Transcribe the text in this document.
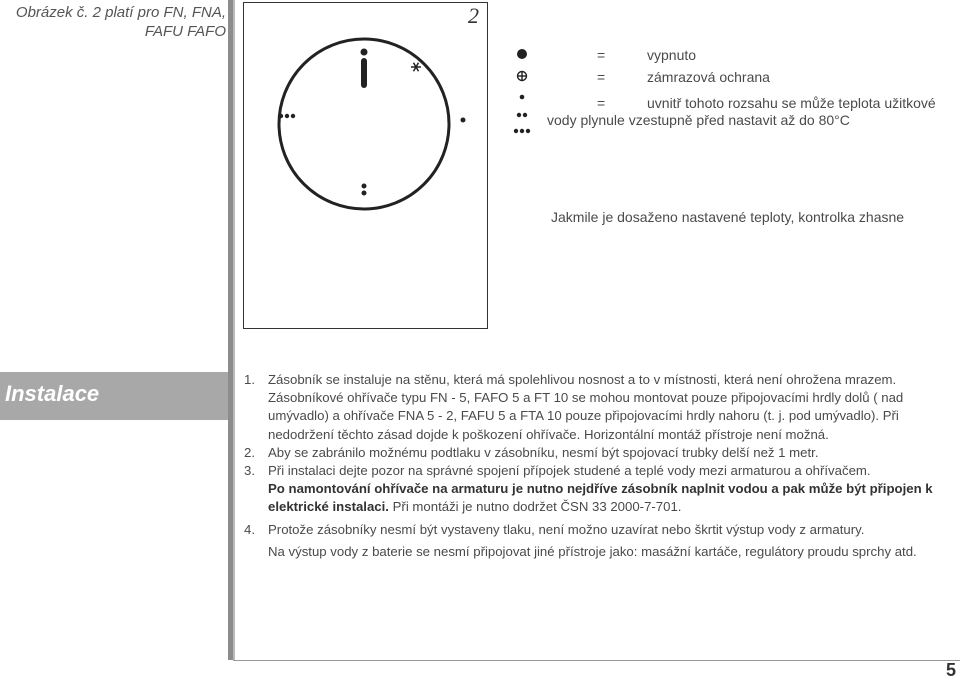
Obrázek č. 2 platí pro FN, FNA,
FAFU FAFO
2
=	vypnuto
=	zámrazová ochrana
=	uvnitř tohoto rozsahu se může teplota užitkové
vody plynule vzestupně před nastavit až do 80°C
Jakmile je dosaženo nastavené teploty, kontrolka zhasne
Instalace
1. Zásobník se instaluje na stěnu, která má spolehlivou nosnost a to v místnosti, která není ohrožena mrazem. Zásobníkové ohřívače typu FN - 5, FAFO 5 a FT 10 se mohou montovat pouze připojovacími hrdly dolů ( nad umývadlo) a ohřívače FNA 5 - 2, FAFU 5 a FTA 10 pouze připojovacími hrdly nahoru (t. j. pod umývadlo). Při nedodržení těchto zásad dojde k poškození ohřívače. Horizontální montáž přístroje není možná.
2. Aby se zabránilo možnému podtlaku v zásobníku, nesmí být spojovací trubky delší než 1 metr.
3. Při instalaci dejte pozor na správné spojení přípojek studené a teplé vody mezi armaturou a ohřívačem.
Po namontování ohřívače na armaturu je nutno nejdříve zásobník naplnit vodou a pak může být připojen k elektrické instalaci. Při montáži je nutno dodržet ČSN 33 2000-7-701.
4. Protože zásobníky nesmí být vystaveny tlaku, není možno uzavírat nebo škrtit výstup vody z armatury.
Na výstup vody z baterie se nesmí připojovat jiné přístroje jako: masážní kartáče, regulátory proudu sprchy atd.
5
